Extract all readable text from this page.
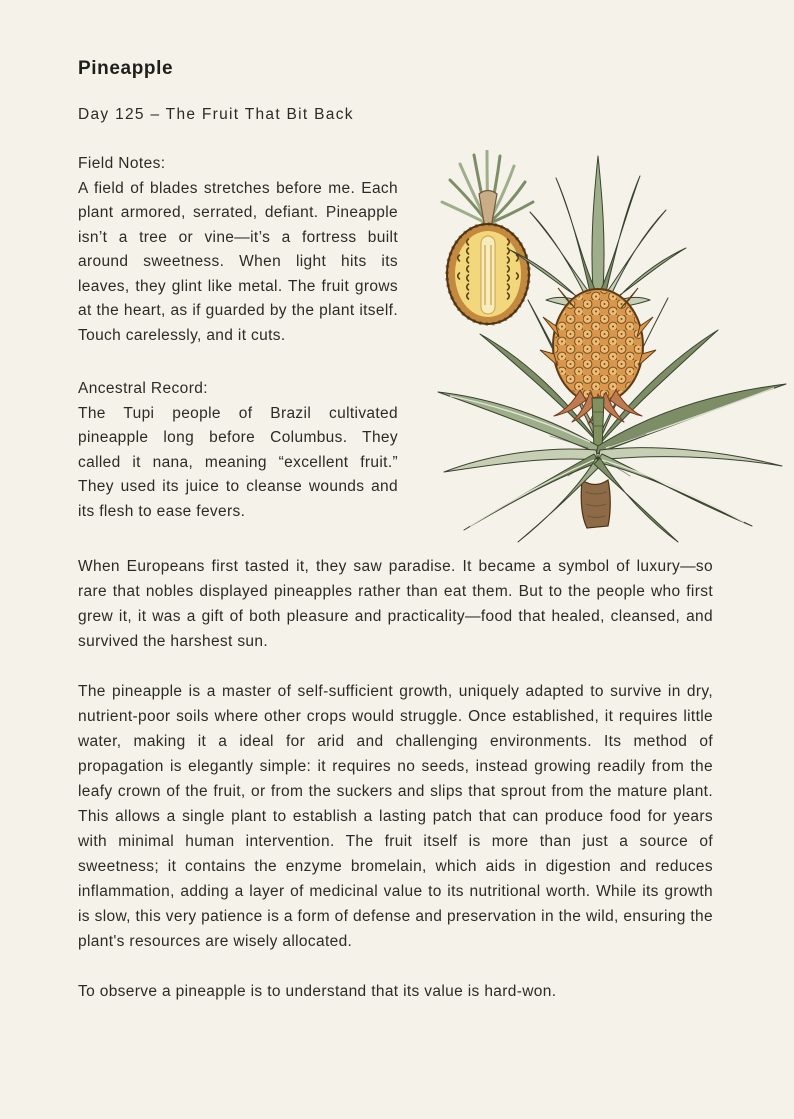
Pineapple
Day 125 – The Fruit That Bit Back
Field Notes:

A field of blades stretches before me. Each plant armored, serrated, defiant. Pineapple isn’t a tree or vine—it’s a fortress built around sweetness. When light hits its leaves, they glint like metal. The fruit grows at the heart, as if guarded by the plant itself. Touch carelessly, and it cuts.

Ancestral Record:

The Tupi people of Brazil cultivated pineapple long before Columbus. They called it nana, meaning “excellent fruit.” They used its juice to cleanse wounds and its flesh to ease fevers.

When Europeans first tasted it, they saw paradise. It became a symbol of luxury—so rare that nobles displayed pineapples rather than eat them. But to the people who first grew it, it was a gift of both pleasure and practicality—food that healed, cleansed, and survived the harshest sun.

The pineapple is a master of self-sufficient growth, uniquely adapted to survive in dry, nutrient-poor soils where other crops would struggle. Once established, it requires little water, making it a ideal for arid and challenging environments. Its method of propagation is elegantly simple: it requires no seeds, instead growing readily from the leafy crown of the fruit, or from the suckers and slips that sprout from the mature plant. This allows a single plant to establish a lasting patch that can produce food for years with minimal human intervention. The fruit itself is more than just a source of sweetness; it contains the enzyme bromelain, which aids in digestion and reduces inflammation, adding a layer of medicinal value to its nutritional worth. While its growth is slow, this very patience is a form of defense and preservation in the wild, ensuring the plant's resources are wisely allocated.

To observe a pineapple is to understand that its value is hard-won.
